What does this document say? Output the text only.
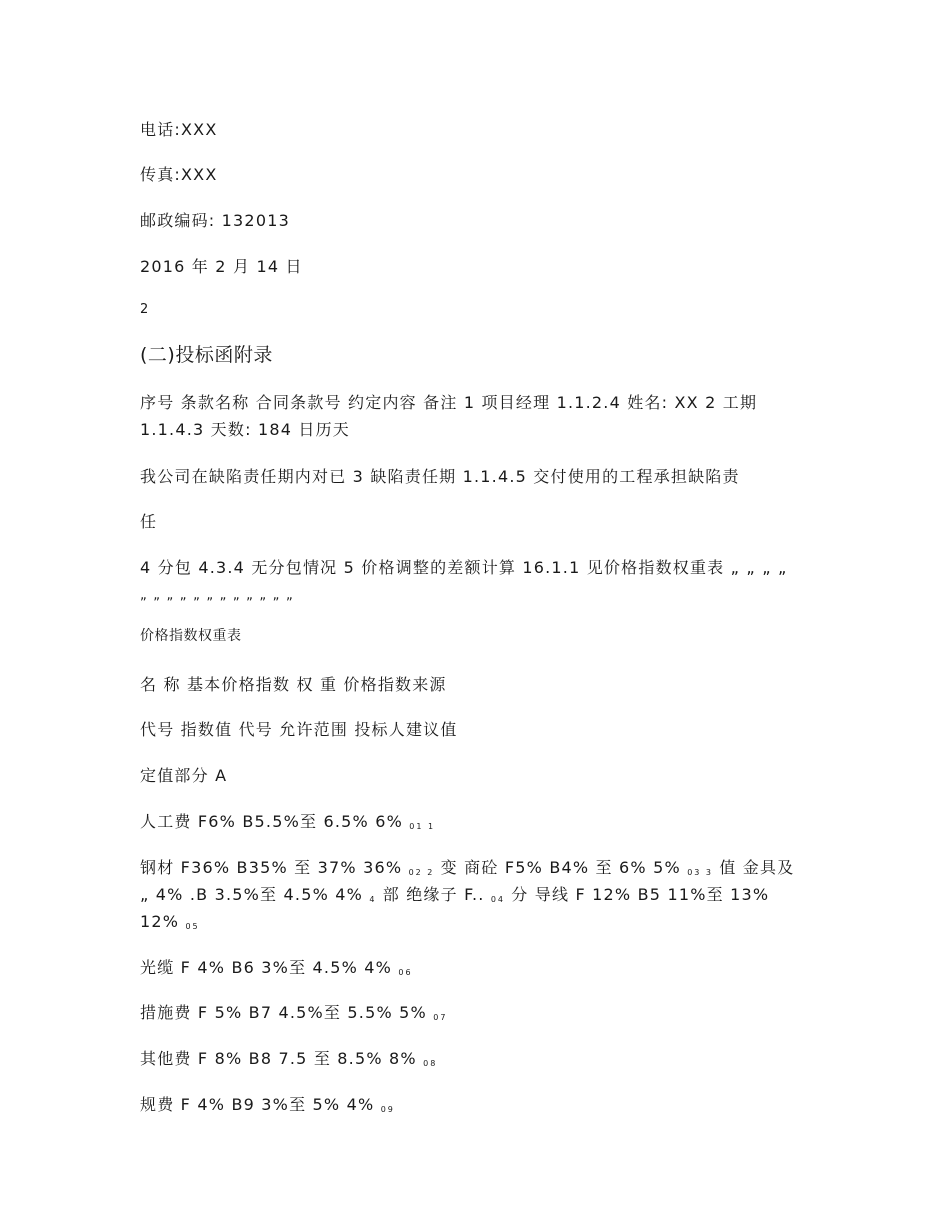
电话:XXX
传真:XXX
邮政编码: 132013
2016 年 2 月 14 日
2
(二)投标函附录
序号 条款名称 合同条款号 约定内容 备注 1 项目经理 1.1.2.4 姓名: XX 2 工期 1.1.4.3 天数: 184 日历天
我公司在缺陷责任期内对已 3 缺陷责任期 1.1.4.5 交付使用的工程承担缺陷责
任
4 分包 4.3.4 无分包情况 5 价格调整的差额计算 16.1.1 见价格指数权重表 „ „ „ „
„ „ „ „ „ „ „ „ „ „ „ „
价格指数权重表
名 称 基本价格指数 权 重 价格指数来源
代号 指数值 代号 允许范围 投标人建议值
定值部分 A
人工费 F6% B5.5%至 6.5% 6% $_{01 1}$
钢材 F36% B35% 至 37% 36% $_{02 2}$ 变 商砼 F5% B4% 至 6% 5% $_{03 3}$ 值 金具及
„ 4% .B 3.5%至 4.5% 4% $_4$ 部 绝缘子 F.. $_{04}$ 分 导线 F 12% B5 11%至 13%
12% $_{05}$
光缆 F 4% B6 3%至 4.5% 4% $_{06}$
措施费 F 5% B7 4.5%至 5.5% 5% $_{07}$
其他费 F 8% B8 7.5 至 8.5% 8% $_{08}$
规费 F 4% B9 3%至 5% 4% $_{09}$
